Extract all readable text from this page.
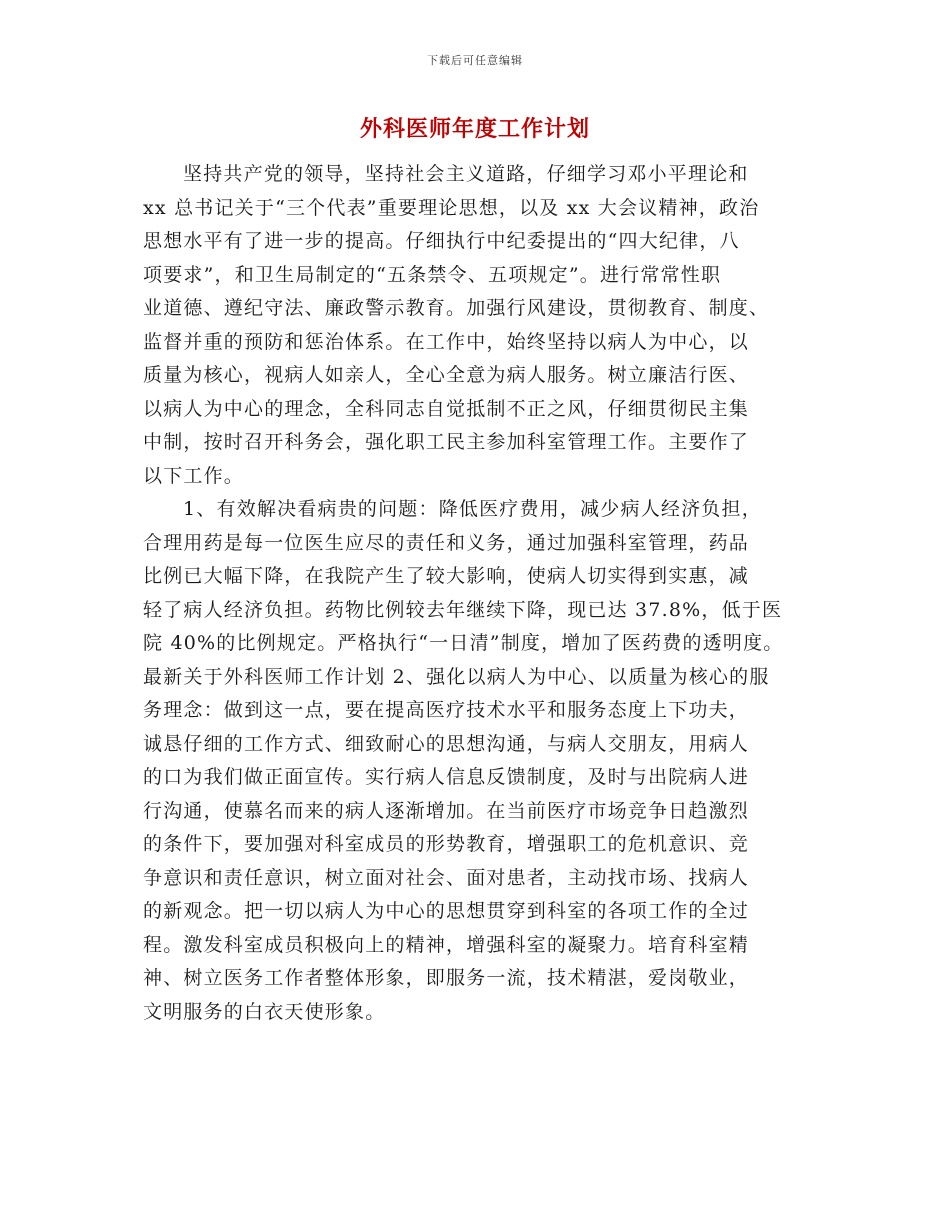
下载后可任意编辑
外科医师年度工作计划
坚持共产党的领导，坚持社会主义道路，仔细学习邓小平理论和
xx 总书记关于“三个代表”重要理论思想，以及 xx 大会议精神，政治
思想水平有了进一步的提高。仔细执行中纪委提出的“四大纪律，八
项要求”，和卫生局制定的“五条禁令、五项规定”。进行常常性职
业道德、遵纪守法、廉政警示教育。加强行风建设，贯彻教育、制度、
监督并重的预防和惩治体系。在工作中，始终坚持以病人为中心，以
质量为核心，视病人如亲人，全心全意为病人服务。树立廉洁行医、
以病人为中心的理念，全科同志自觉抵制不正之风，仔细贯彻民主集
中制，按时召开科务会，强化职工民主参加科室管理工作。主要作了
以下工作。
1、有效解决看病贵的问题：降低医疗费用，减少病人经济负担，
合理用药是每一位医生应尽的责任和义务，通过加强科室管理，药品
比例已大幅下降，在我院产生了较大影响，使病人切实得到实惠，减
轻了病人经济负担。药物比例较去年继续下降，现已达 37.8%，低于医
院 40%的比例规定。严格执行“一日清”制度，增加了医药费的透明度。
最新关于外科医师工作计划 2、强化以病人为中心、以质量为核心的服
务理念：做到这一点，要在提高医疗技术水平和服务态度上下功夫，
诚恳仔细的工作方式、细致耐心的思想沟通，与病人交朋友，用病人
的口为我们做正面宣传。实行病人信息反馈制度，及时与出院病人进
行沟通，使慕名而来的病人逐渐增加。在当前医疗市场竞争日趋激烈
的条件下，要加强对科室成员的形势教育，增强职工的危机意识、竞
争意识和责任意识，树立面对社会、面对患者，主动找市场、找病人
的新观念。把一切以病人为中心的思想贯穿到科室的各项工作的全过
程。激发科室成员积极向上的精神，增强科室的凝聚力。培育科室精
神、树立医务工作者整体形象，即服务一流，技术精湛，爱岗敬业，
文明服务的白衣天使形象。
